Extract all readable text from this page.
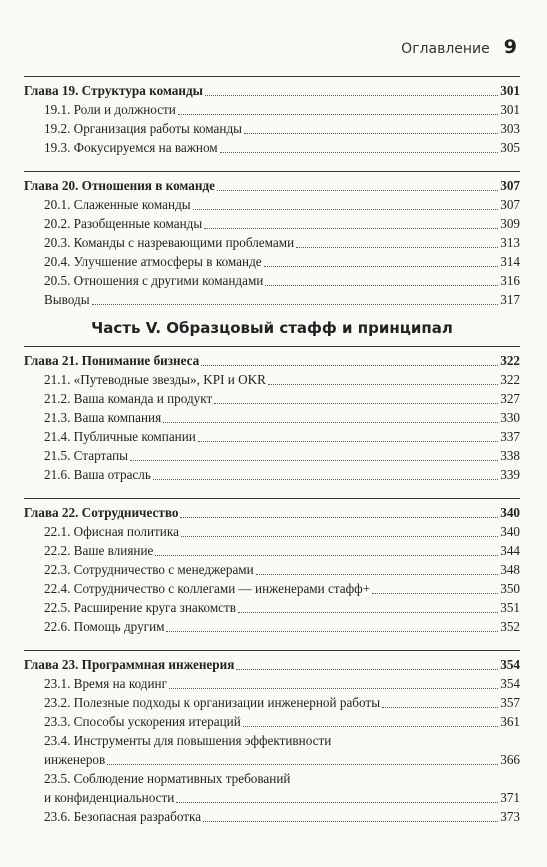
Оглавление 9
Глава 19. Структура команды	301
19.1. Роли и должности	301
19.2. Организация работы команды	303
19.3. Фокусируемся на важном	305
Глава 20. Отношения в команде	307
20.1. Слаженные команды	307
20.2. Разобщенные команды	309
20.3. Команды с назревающими проблемами	313
20.4. Улучшение атмосферы в команде	314
20.5. Отношения с другими командами	316
Выводы	317
Часть V. Образцовый стафф и принципал
Глава 21. Понимание бизнеса	322
21.1. «Путеводные звезды», KPI и OKR	322
21.2. Ваша команда и продукт	327
21.3. Ваша компания	330
21.4. Публичные компании	337
21.5. Стартапы	338
21.6. Ваша отрасль	339
Глава 22. Сотрудничество	340
22.1. Офисная политика	340
22.2. Ваше влияние	344
22.3. Сотрудничество с менеджерами	348
22.4. Сотрудничество с коллегами — инженерами стафф+	350
22.5. Расширение круга знакомств	351
22.6. Помощь другим	352
Глава 23. Программная инженерия	354
23.1. Время на кодинг	354
23.2. Полезные подходы к организации инженерной работы	357
23.3. Способы ускорения итераций	361
23.4. Инструменты для повышения эффективности
инженеров	366
23.5. Соблюдение нормативных требований
и конфиденциальности	371
23.6. Безопасная разработка	373
